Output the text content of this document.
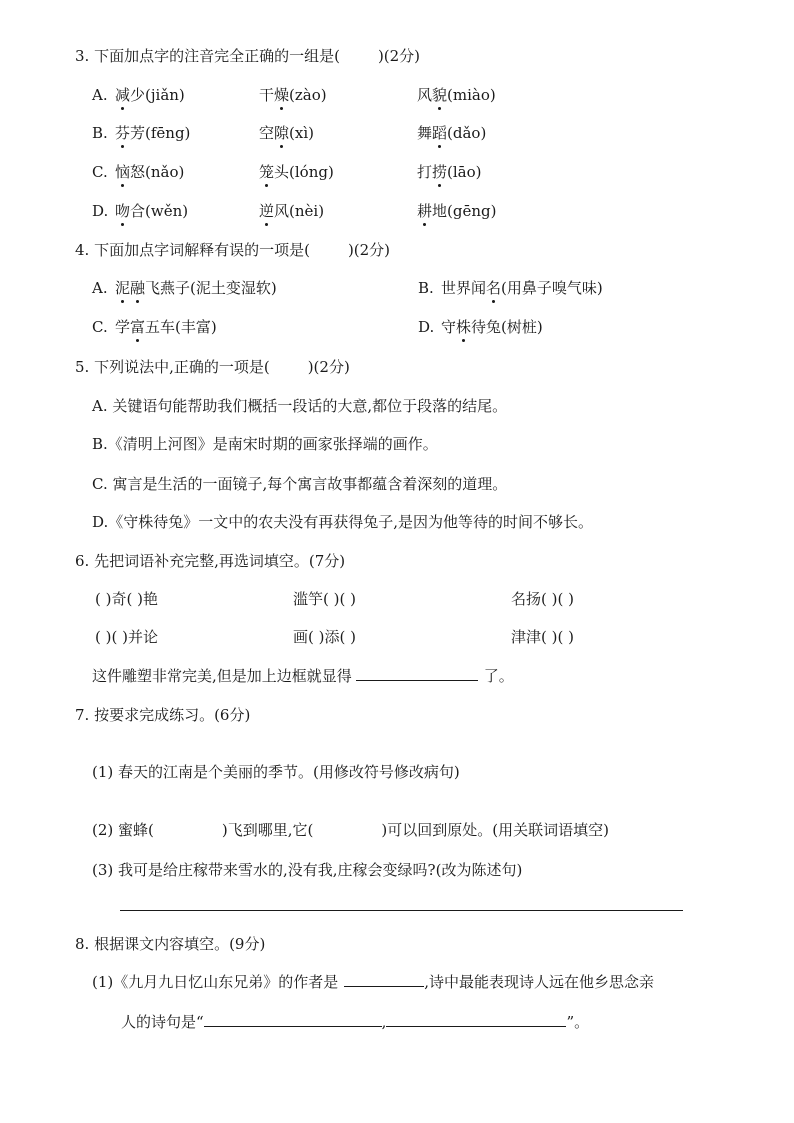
3. 下面加点字的注音完全正确的一组是(	)(2分)
A. 减少(jiǎn)	干燥(zào)	风貌(miào)
B. 芬芳(fēng)	空隙(xì)	舞蹈(dǎo)
C. 恼怒(nǎo)	笼头(lóng)	打捞(lāo)
D. 吻合(wěn)	逆风(nèi)	耕地(gēng)
4. 下面加点字词解释有误的一项是(	)(2分)
A. 泥融飞燕子(泥土变湿软)	B. 世界闻名(用鼻子嗅气味)
C. 学富五车(丰富)	D. 守株待兔(树桩)
5. 下列说法中,正确的一项是(	)(2分)
A. 关键语句能帮助我们概括一段话的大意,都位于段落的结尾。
B.《清明上河图》是南宋时期的画家张择端的画作。
C. 寓言是生活的一面镜子,每个寓言故事都蕴含着深刻的道理。
D.《守株待兔》一文中的农夫没有再获得兔子,是因为他等待的时间不够长。
6. 先把词语补充完整,再选词填空。(7分)
( )奇( )艳	滥竽( )( )	名扬( )( )
( )( )并论	画( )添( )	津津( )( )
这件雕塑非常完美,但是加上边框就显得	了。
7. 按要求完成练习。(6分)
(1) 春天的江南是个美丽的季节。(用修改符号修改病句)
(2) 蜜蜂(	)飞到哪里,它(	)可以回到原处。(用关联词语填空)
(3) 我可是给庄稼带来雪水的,没有我,庄稼会变绿吗?(改为陈述句)
8. 根据课文内容填空。(9分)
(1)《九月九日忆山东兄弟》的作者是	,诗中最能表现诗人远在他乡思念亲
人的诗句是“	,	”。
